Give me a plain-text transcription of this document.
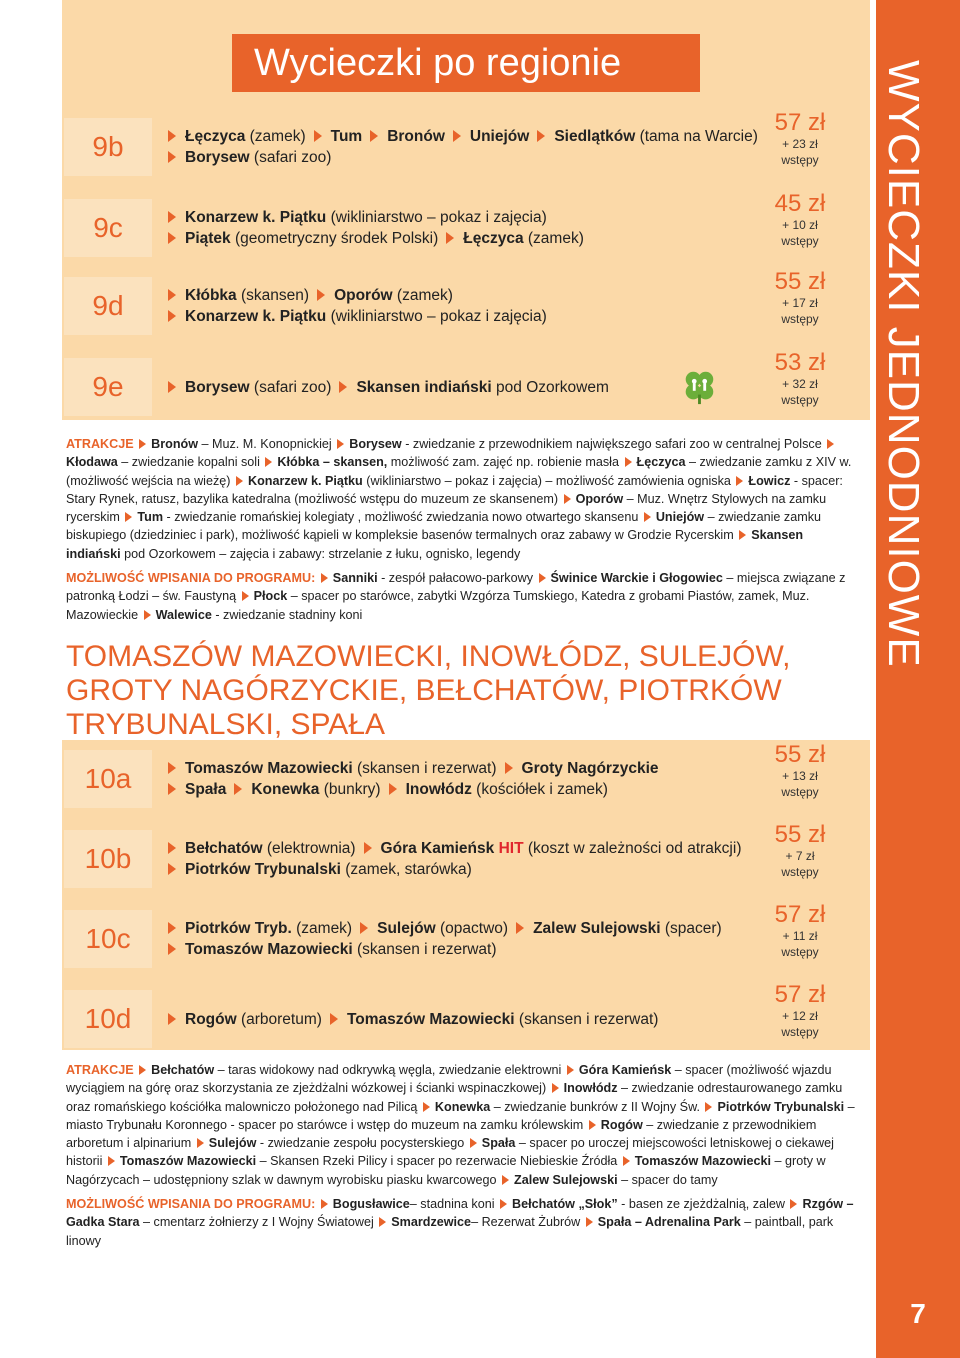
Wycieczki po regionie	WYCIECZKI JEDNODNIOWE
7
9b	Łęczyca (zamek) Tum Bronów Uniejów Siedlątków (tama na Warcie)
Borysew (safari zoo)
57 zł
+ 23 zł
wstępy
9c	Konarzew k. Piątku (wikliniarstwo – pokaz i zajęcia)
Piątek (geometryczny środek Polski) Łęczyca (zamek)
45 zł
+ 10 zł
wstępy
9d	Kłóbka (skansen) Oporów (zamek)
Konarzew k. Piątku (wikliniarstwo – pokaz i zajęcia)
55 zł
+ 17 zł
wstępy
9e	Borysew (safari zoo) Skansen indiański pod Ozorkowem
53 zł
+ 32 zł
wstępy
ATRAKCJE Bronów – Muz. M. Konopnickiej Borysew - zwiedzanie z przewodnikiem największego safari zoo w centralnej Polsce Kłodawa – zwiedzanie kopalni soli Kłóbka – skansen, możliwość zam. zajęć np. robienie masła Łęczyca – zwiedzanie zamku z XIV w. (możliwość wejścia na wieżę) Konarzew k. Piątku (wikliniarstwo – pokaz i zajęcia) – możliwość zamówienia ogniska Łowicz - spacer: Stary Rynek, ratusz, bazylika katedralna (możliwość wstępu do muzeum ze skansenem) Oporów – Muz. Wnętrz Stylowych na zamku rycerskim Tum - zwiedzanie romańskiej kolegiaty , możliwość zwiedzania nowo otwartego skansenu Uniejów – zwiedzanie zamku biskupiego (dziedziniec i park), możliwość kąpieli w kompleksie basenów termalnych oraz zabawy w Grodzie Rycerskim Skansen indiański pod Ozorkowem – zajęcia i zabawy: strzelanie z łuku, ognisko, legendy
MOŻLIWOŚĆ WPISANIA DO PROGRAMU: Sanniki - zespół pałacowo-parkowy Świnice Warckie i Głogowiec – miejsca związane z patronką Łodzi – św. Faustyną Płock – spacer po starówce, zabytki Wzgórza Tumskiego, Katedra z grobami Piastów, zamek, Muz. Mazowieckie Walewice - zwiedzanie stadniny koni
TOMASZÓW MAZOWIECKI, INOWŁÓDZ, SULEJÓW, GROTY NAGÓRZYCKIE, BEŁCHATÓW, PIOTRKÓW TRYBUNALSKI, SPAŁA
10a	Tomaszów Mazowiecki (skansen i rezerwat) Groty Nagórzyckie
Spała Konewka (bunkry) Inowłódz (kościółek i zamek)
55 zł
+ 13 zł
wstępy
10b	Bełchatów (elektrownia) Góra Kamieńsk HIT (koszt w zależności od atrakcji)
Piotrków Trybunalski (zamek, starówka)
55 zł
+ 7 zł
wstępy
10c	Piotrków Tryb. (zamek) Sulejów (opactwo) Zalew Sulejowski (spacer)
Tomaszów Mazowiecki (skansen i rezerwat)
57 zł
+ 11 zł
wstępy
10d	Rogów (arboretum) Tomaszów Mazowiecki (skansen i rezerwat)
57 zł
+ 12 zł
wstępy
ATRAKCJE Bełchatów – taras widokowy nad odkrywką węgla, zwiedzanie elektrowni Góra Kamieńsk – spacer (możliwość wjazdu wyciągiem na górę oraz skorzystania ze zjeżdżalni wózkowej i ścianki wspinaczkowej) Inowłódz – zwiedzanie odrestaurowanego zamku oraz romańskiego kościółka malowniczo położonego nad Pilicą Konewka – zwiedzanie bunkrów z II Wojny Św. Piotrków Trybunalski – miasto Trybunału Koronnego - spacer po starówce i wstęp do muzeum na zamku królewskim Rogów – zwiedzanie z przewodnikiem arboretum i alpinarium Sulejów - zwiedzanie zespołu pocysterskiego Spała – spacer po uroczej miejscowości letniskowej o ciekawej historii Tomaszów Mazowiecki – Skansen Rzeki Pilicy i spacer po rezerwacie Niebieskie Źródła Tomaszów Mazowiecki – groty w Nagórzycach – udostępniony szlak w dawnym wyrobisku piasku kwarcowego Zalew Sulejowski – spacer do tamy
MOŻLIWOŚĆ WPISANIA DO PROGRAMU: Bogusławice– stadnina koni Bełchatów „Słok” - basen ze zjeżdżalnią, zalew Rzgów – Gadka Stara – cmentarz żołnierzy z I Wojny Światowej Smardzewice– Rezerwat Żubrów Spała – Adrenalina Park – paintball, park linowy
